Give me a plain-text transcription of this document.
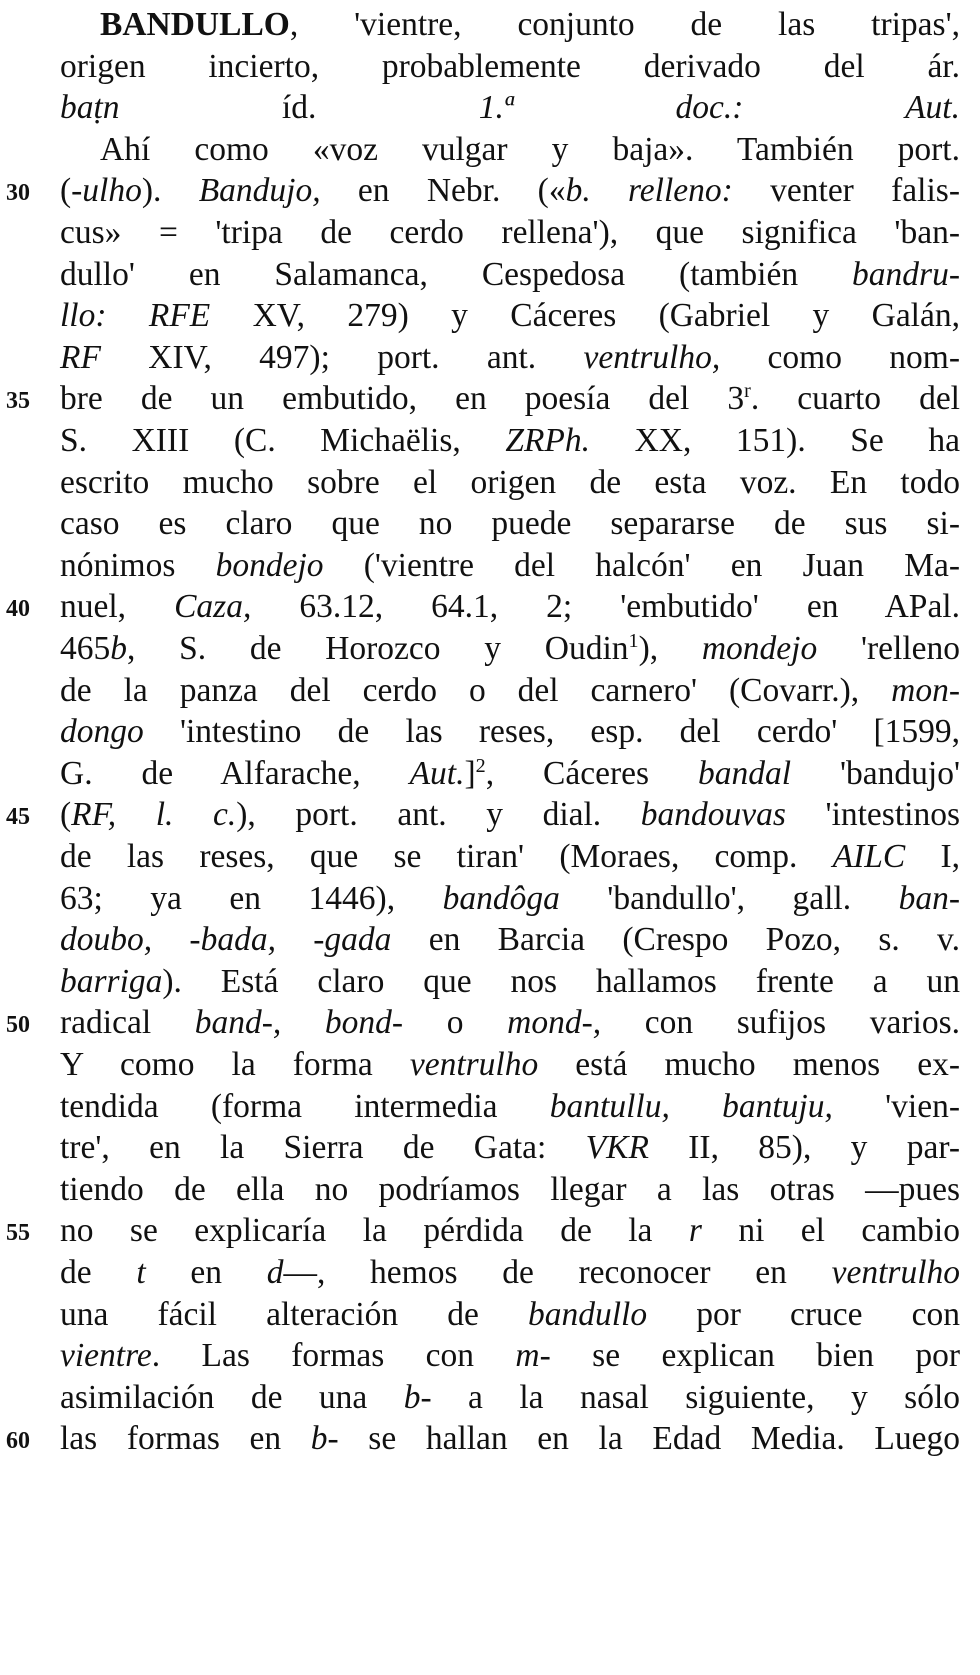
30
35
40
45
50
55
60
BANDULLO, 'vientre, conjunto de las tripas',
origen incierto, probablemente derivado del ár.
baṭn íd. 1.ª doc.: Aut.
Ahí como «voz vulgar y baja». También port.
(-ulho). Bandujo, en Nebr. («b. relleno: venter falis-
cus» = 'tripa de cerdo rellena'), que significa 'ban-
dullo' en Salamanca, Cespedosa (también bandru-
llo: RFE XV, 279) y Cáceres (Gabriel y Galán,
RF XIV, 497); port. ant. ventrulho, como nom-
bre de un embutido, en poesía del 3$^r$. cuarto del
S. XIII (C. Michaëlis, ZRPh. XX, 151). Se ha
escrito mucho sobre el origen de esta voz. En todo
caso es claro que no puede separarse de sus si-
nónimos bondejo ('vientre del halcón' en Juan Ma-
nuel, Caza, 63.12, 64.1, 2; 'embutido' en APal.
465b, S. de Horozco y Oudin$^1$), mondejo 'relleno
de la panza del cerdo o del carnero' (Covarr.), mon-
dongo 'intestino de las reses, esp. del cerdo' [1599,
G. de Alfarache, Aut.]$^2$, Cáceres bandal 'bandujo'
(RF, l. c.), port. ant. y dial. bandouvas 'intestinos
de las reses, que se tiran' (Moraes, comp. AILC I,
63; ya en 1446), bandôga 'bandullo', gall. ban-
doubo, -bada, -gada en Barcia (Crespo Pozo, s. v.
barriga). Está claro que nos hallamos frente a un
radical band-, bond- o mond-, con sufijos varios.
Y como la forma ventrulho está mucho menos ex-
tendida (forma intermedia bantullu, bantuju, 'vien-
tre', en la Sierra de Gata: VKR II, 85), y par-
tiendo de ella no podríamos llegar a las otras —pues
no se explicaría la pérdida de la r ni el cambio
de t en d—, hemos de reconocer en ventrulho
una fácil alteración de bandullo por cruce con
vientre. Las formas con m- se explican bien por
asimilación de una b- a la nasal siguiente, y sólo
las formas en b- se hallan en la Edad Media. Luego
